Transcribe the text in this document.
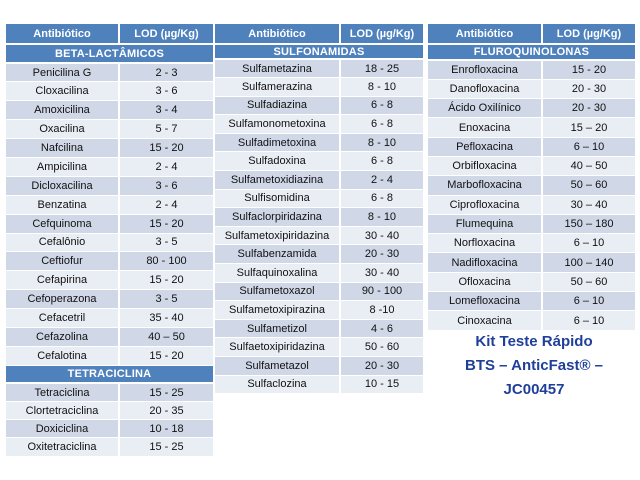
Antibiótico	LOD (µg/Kg)
BETA-LACTÂMICOS	
Penicilina G	2 - 3
Cloxacilina	3 - 6
Amoxicilina	3 - 4
Oxacilina	5 - 7
Nafcilina	15 - 20
Ampicilina	2 - 4
Dicloxacilina	3 - 6
Benzatina	2 - 4
Cefquinoma	15 - 20
Cefalônio	3 - 5
Ceftiofur	80 - 100
Cefapirina	15 - 20
Cefoperazona	3 - 5
Cefacetril	35 - 40
Cefazolina	40 – 50
Cefalotina	15 - 20
TETRACICLINA	
Tetraciclina	15 - 25
Clortetraciclina	20 - 35
Doxiciclina	10 - 18
Oxitetraciclina	15 - 25
Antibiótico	LOD (µg/Kg)
SULFONAMIDAS	
Sulfametazina	18 - 25
Sulfamerazina	8 - 10
Sulfadiazina	6 - 8
Sulfamonometoxina	6 - 8
Sulfadimetoxina	8 - 10
Sulfadoxina	6 - 8
Sulfametoxidiazina	2 - 4
Sulfisomidina	6 - 8
Sulfaclorpiridazina	8 - 10
Sulfametoxipiridazina	30 - 40
Sulfabenzamida	20 - 30
Sulfaquinoxalina	30 - 40
Sulfametoxazol	90 - 100
Sulfametoxipirazina	8 -10
Sulfametizol	4 - 6
Sulfaetoxipiridazina	50 - 60
Sulfametazol	20 - 30
Sulfaclozina	10 - 15
Antibiótico	LOD (µg/Kg)
FLUROQUINOLONAS	
Enrofloxacina	15 - 20
Danofloxacina	20 - 30
Ácido Oxilínico	20 - 30
Enoxacina	15 – 20
Pefloxacina	6 – 10
Orbifloxacina	40 – 50
Marbofloxacina	50 – 60
Ciprofloxacina	30 – 40
Flumequina	150 – 180
Norfloxacina	6 – 10
Nadifloxacina	100 – 140
Ofloxacina	50 – 60
Lomefloxacina	6 – 10
Cinoxacina	6 – 10
Kit Teste Rápido
BTS – AnticFast® –
JC00457
